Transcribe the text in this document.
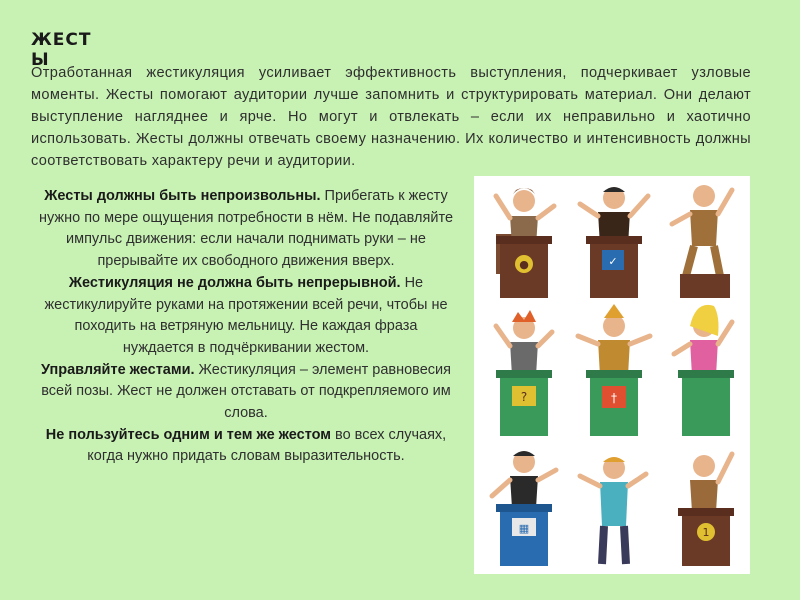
ЖЕСТЫ
Отработанная жестикуляция усиливает эффективность выступления, подчеркивает узловые моменты. Жесты помогают аудитории лучше запомнить и структурировать материал. Они делают выступление нагляднее и ярче. Но могут и отвлекать – если их неправильно и хаотично использовать. Жесты должны отвечать своему назначению. Их количество и интенсивность должны соответствовать характеру речи и аудитории.
Жесты должны быть непроизвольны. Прибегать к жесту нужно по мере ощущения потребности в нём. Не подавляйте импульс движения: если начали поднимать руки – не прерывайте их свободного движения вверх.
Жестикуляция не должна быть непрерывной. Не жестикулируйте руками на протяжении всей речи, чтобы не походить на ветряную мельницу. Не каждая фраза нуждается в подчёркивании жестом.
Управляйте жестами. Жестикуляция – элемент равновесия всей позы. Жест не должен отставать от подкрепляемого им слова.
Не пользуйтесь одним и тем же жестом во всех случаях, когда нужно придать словам выразительность.
●	✓
?	†
▦	1
